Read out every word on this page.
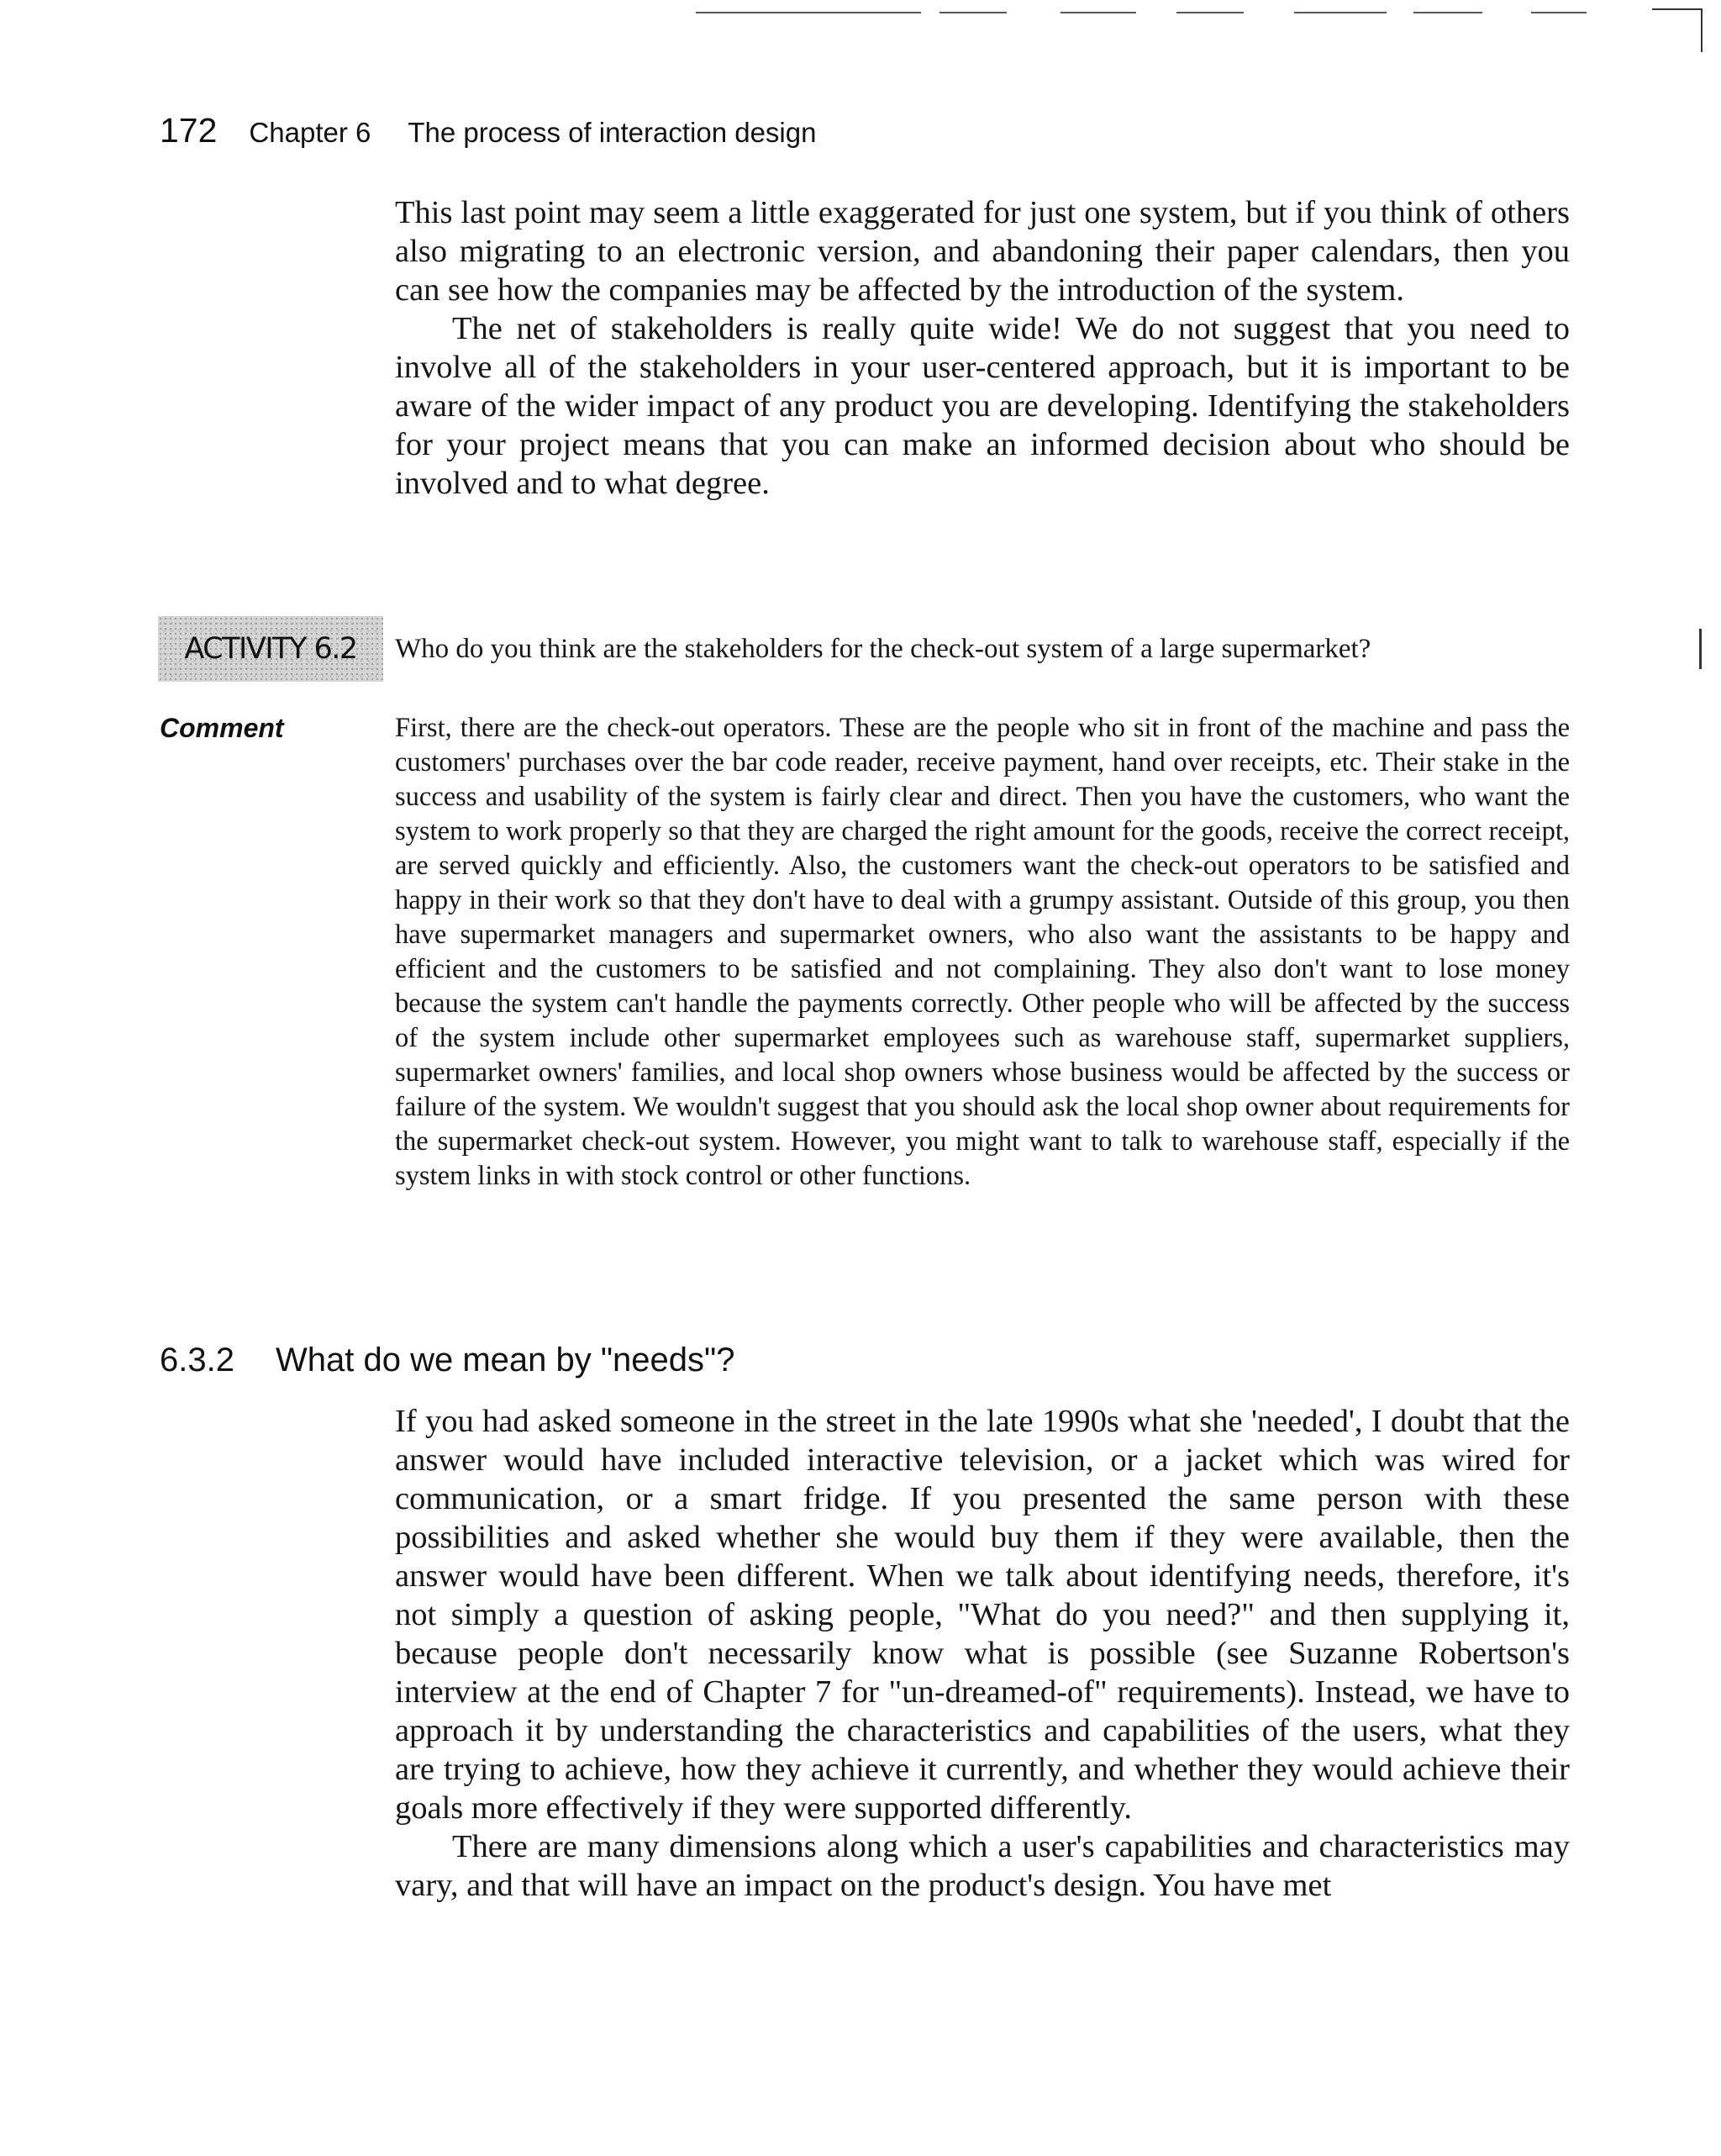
172 Chapter 6 The process of interaction design

This last point may seem a little exaggerated for just one system, but if you think of others also migrating to an electronic version, and abandoning their paper calendars, then you can see how the companies may be affected by the introduction of the system.

The net of stakeholders is really quite wide! We do not suggest that you need to involve all of the stakeholders in your user-centered approach, but it is important to be aware of the wider impact of any product you are developing. Identifying the stakeholders for your project means that you can make an informed decision about who should be involved and to what degree.

ACTIVITY 6.2	Who do you think are the stakeholders for the check-out system of a large supermarket?
Comment	First, there are the check-out operators. These are the people who sit in front of the machine and pass the customers' purchases over the bar code reader, receive payment, hand over receipts, etc. Their stake in the success and usability of the system is fairly clear and direct. Then you have the customers, who want the system to work properly so that they are charged the right amount for the goods, receive the correct receipt, are served quickly and efficiently. Also, the customers want the check-out operators to be satisfied and happy in their work so that they don't have to deal with a grumpy assistant. Outside of this group, you then have supermarket managers and supermarket owners, who also want the assistants to be happy and efficient and the customers to be satisfied and not complaining. They also don't want to lose money because the system can't handle the payments correctly. Other people who will be affected by the success of the system include other supermarket employees such as warehouse staff, supermarket suppliers, supermarket owners' families, and local shop owners whose business would be affected by the success or failure of the system. We wouldn't suggest that you should ask the local shop owner about requirements for the supermarket check-out system. However, you might want to talk to warehouse staff, especially if the system links in with stock control or other functions.

6.3.2 What do we mean by "needs"?

If you had asked someone in the street in the late 1990s what she 'needed', I doubt that the answer would have included interactive television, or a jacket which was wired for communication, or a smart fridge. If you presented the same person with these possibilities and asked whether she would buy them if they were available, then the answer would have been different. When we talk about identifying needs, therefore, it's not simply a question of asking people, "What do you need?" and then supplying it, because people don't necessarily know what is possible (see Suzanne Robertson's interview at the end of Chapter 7 for "un-dreamed-of" requirements). Instead, we have to approach it by understanding the characteristics and capabilities of the users, what they are trying to achieve, how they achieve it currently, and whether they would achieve their goals more effectively if they were supported differently.

There are many dimensions along which a user's capabilities and characteristics may vary, and that will have an impact on the product's design. You have met
